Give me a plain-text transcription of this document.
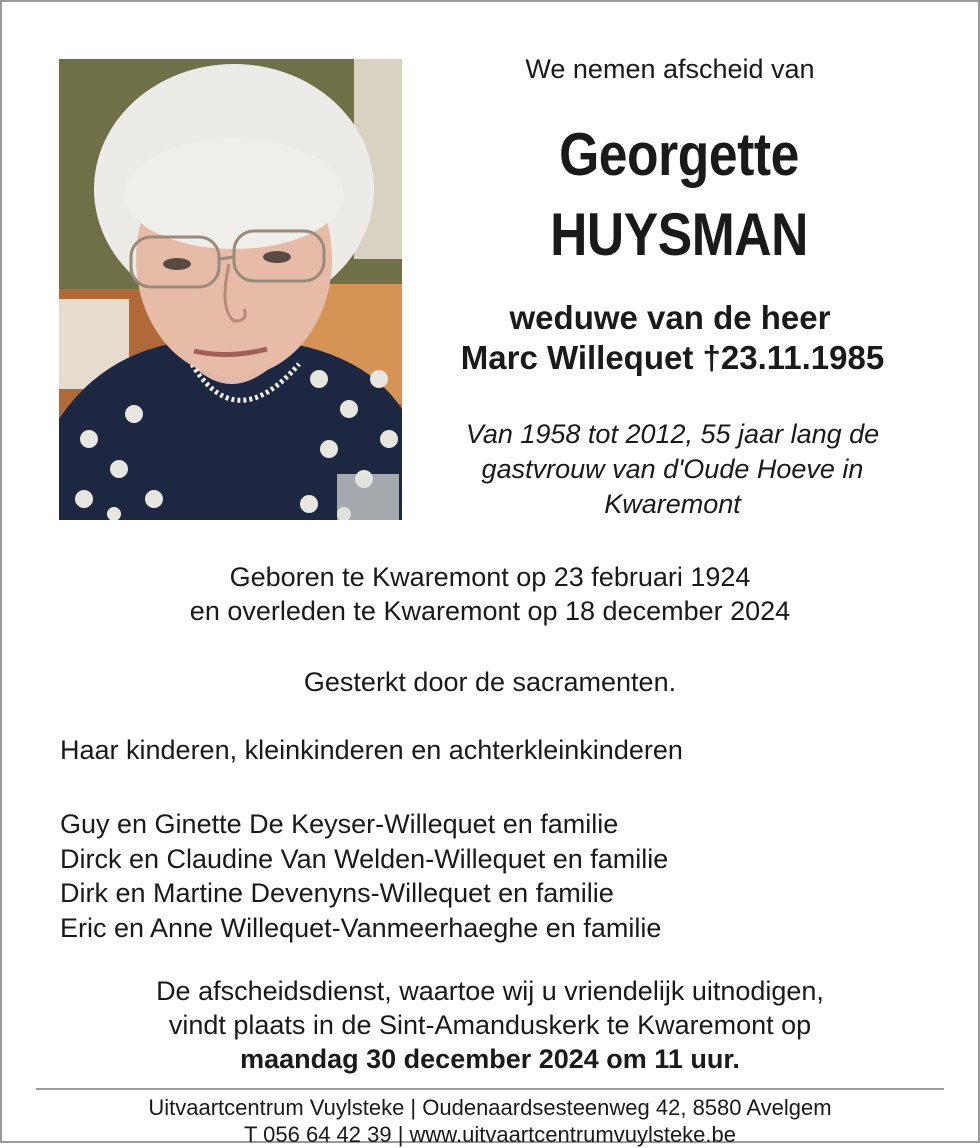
We nemen afscheid van
Georgette
HUYSMAN
weduwe van de heer
Marc Willequet †23.11.1985
Van 1958 tot 2012, 55 jaar lang de
gastvrouw van d'Oude Hoeve in
Kwaremont
Geboren te Kwaremont op 23 februari 1924
en overleden te Kwaremont op 18 december 2024
Gesterkt door de sacramenten.
Haar kinderen, kleinkinderen en achterkleinkinderen
Guy en Ginette De Keyser-Willequet en familie
Dirck en Claudine Van Welden-Willequet en familie
Dirk en Martine Devenyns-Willequet en familie
Eric en Anne Willequet-Vanmeerhaeghe en familie
De afscheidsdienst, waartoe wij u vriendelijk uitnodigen,
vindt plaats in de Sint-Amanduskerk te Kwaremont op
maandag 30 december 2024 om 11 uur.
Uitvaartcentrum Vuylsteke | Oudenaardsesteenweg 42, 8580 Avelgem
T 056 64 42 39 | www.uitvaartcentrumvuylsteke.be
